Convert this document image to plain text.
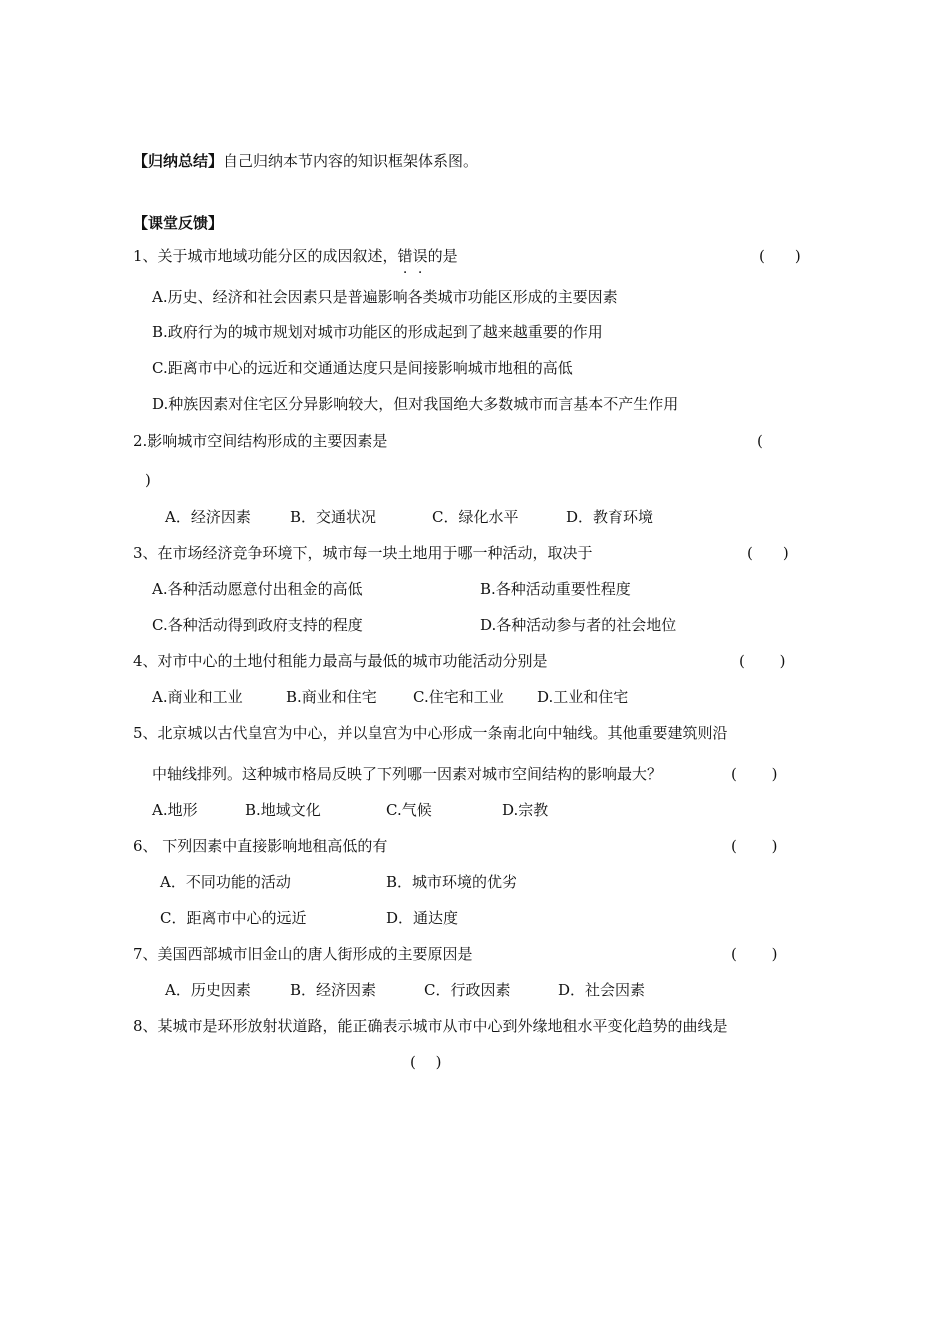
【归纳总结】自己归纳本节内容的知识框架体系图。
【课堂反馈】
1、关于城市地域功能分区的成因叙述，错误的是	(　　)
A.历史、经济和社会因素只是普遍影响各类城市功能区形成的主要因素
B.政府行为的城市规划对城市功能区的形成起到了越来越重要的作用
C.距离市中心的远近和交通通达度只是间接影响城市地租的高低
D.种族因素对住宅区分异影响较大，但对我国绝大多数城市而言基本不产生作用
2.影响城市空间结构形成的主要因素是	(
)
A．经济因素	B．交通状况	C．绿化水平	D．教育环境
3、在市场经济竞争环境下，城市每一块土地用于哪一种活动，取决于	(　　)
A.各种活动愿意付出租金的高低	B.各种活动重要性程度
C.各种活动得到政府支持的程度	D.各种活动参与者的社会地位
4、对市中心的土地付租能力最高与最低的城市功能活动分别是	(　　 )
A.商业和工业	B.商业和住宅 C.住宅和工业 D.工业和住宅
5、北京城以古代皇宫为中心，并以皇宫为中心形成一条南北向中轴线。其他重要建筑则沿
中轴线排列。这种城市格局反映了下列哪一因素对城市空间结构的影响最大？	(　　 )
A.地形	B.地域文化	C.气候	D.宗教
6、 下列因素中直接影响地租高低的有	(　　 )
A．不同功能的活动	B．城市环境的优劣
C．距离市中心的远近	D．通达度
7、美国西部城市旧金山的唐人街形成的主要原因是	(　　 )
A．历史因素	B．经济因素	C．行政因素	D．社会因素
8、某城市是环形放射状道路，能正确表示城市从市中心到外缘地租水平变化趋势的曲线是
(　 )
